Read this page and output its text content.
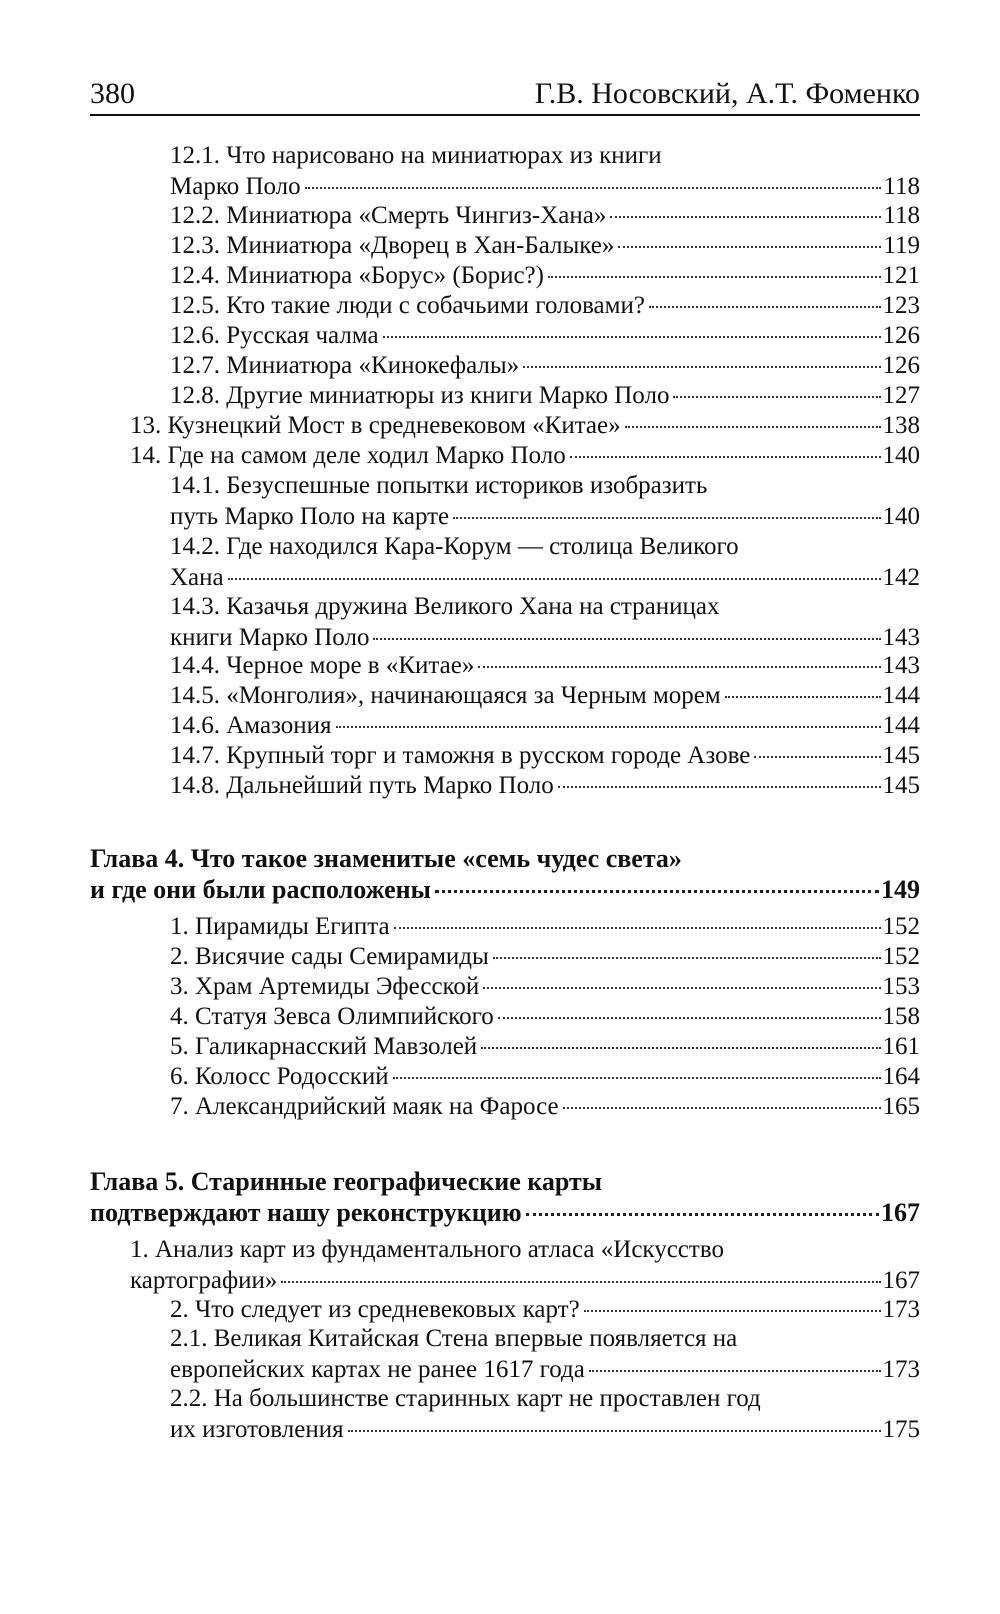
380	Г.В. Носовский, А.Т. Фоменко
12.1. Что нарисовано на миниатюрах из книги
Марко Поло	118
12.2. Миниатюра «Смерть Чингиз-Хана»	118
12.3. Миниатюра «Дворец в Хан-Балыке»	119
12.4. Миниатюра «Борус» (Борис?)	121
12.5. Кто такие люди с собачьими головами?	123
12.6. Русская чалма	126
12.7. Миниатюра «Кинокефалы»	126
12.8. Другие миниатюры из книги Марко Поло	127
13. Кузнецкий Мост в средневековом «Китае»	138
14. Где на самом деле ходил Марко Поло	140
14.1. Безуспешные попытки историков изобразить
путь Марко Поло на карте	140
14.2. Где находился Кара-Корум — столица Великого
Хана	142
14.3. Казачья дружина Великого Хана на страницах
книги Марко Поло	143
14.4. Черное море в «Китае»	143
14.5. «Монголия», начинающаяся за Черным морем	144
14.6. Амазония	144
14.7. Крупный торг и таможня в русском городе Азове	145
14.8. Дальнейший путь Марко Поло	145
Глава 4. Что такое знаменитые «семь чудес света»
и где они были расположены	149
1. Пирамиды Египта	152
2. Висячие сады Семирамиды	152
3. Храм Артемиды Эфесской	153
4. Статуя Зевса Олимпийского	158
5. Галикарнасский Мавзолей	161
6. Колосс Родосский	164
7. Александрийский маяк на Фаросе	165
Глава 5. Старинные географические карты
подтверждают нашу реконструкцию	167
1. Анализ карт из фундаментального атласа «Искусство
картографии»	167
2. Что следует из средневековых карт?	173
2.1. Великая Китайская Стена впервые появляется на
европейских картах не ранее 1617 года	173
2.2. На большинстве старинных карт не проставлен год
их изготовления	175
